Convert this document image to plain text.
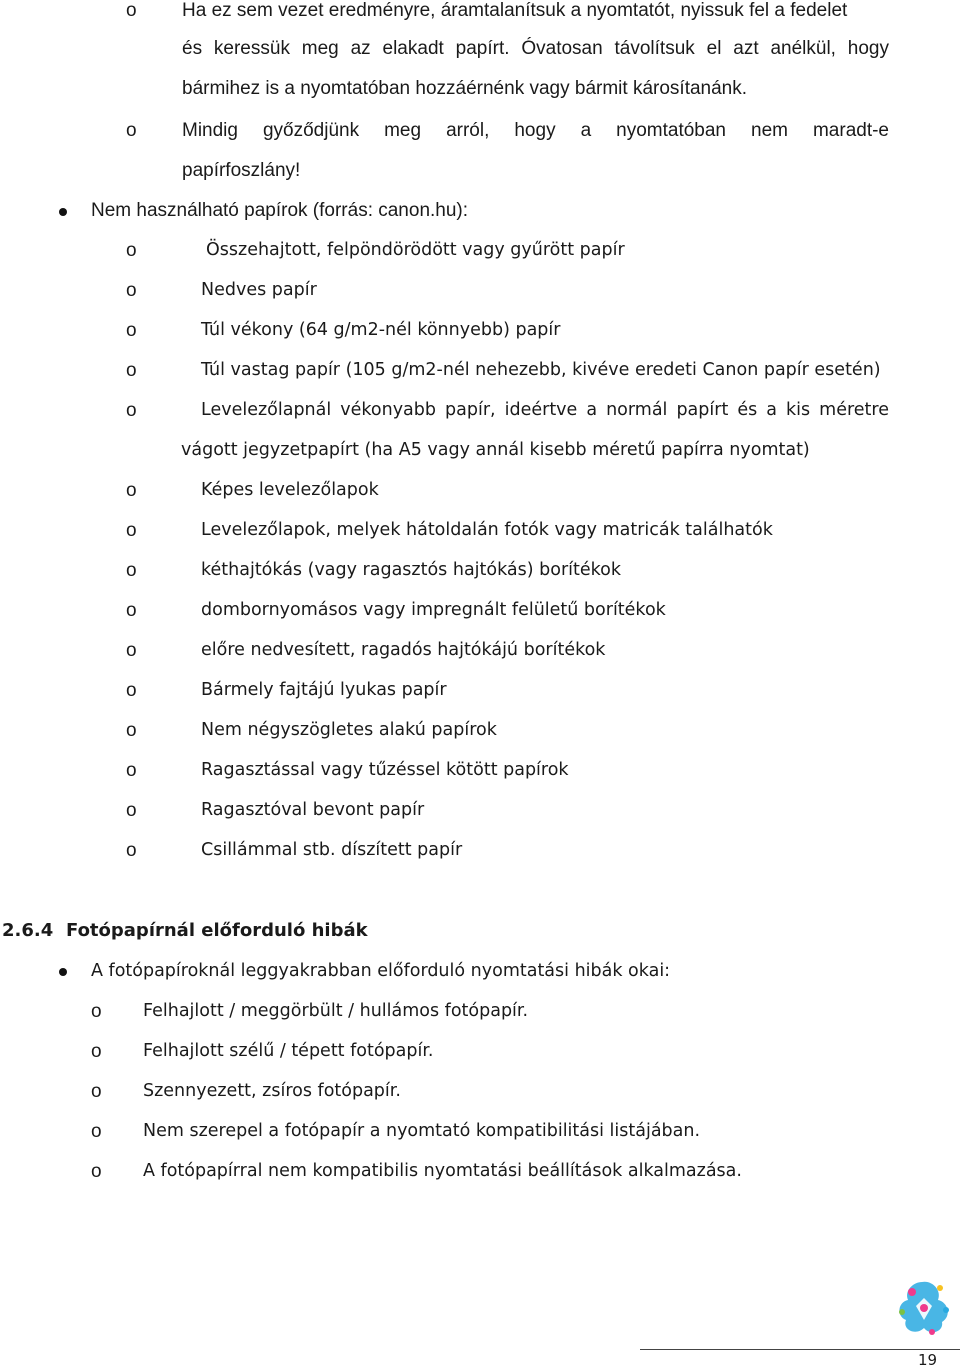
o Ha ez sem vezet eredményre, áramtalanítsuk a nyomtatót, nyissuk fel a fedelet
és keressük meg az elakadt papírt. Óvatosan távolítsuk el azt anélkül, hogy
bármihez is a nyomtatóban hozzáérnénk vagy bármit károsítanánk.
o Mindig győződjünk meg arról, hogy a nyomtatóban nem maradt-e
papírfoszlány!
Nem használható papírok (forrás: canon.hu):
o	Összehajtott, felpöndörödött vagy gyűrött papír
o	Nedves papír
o	Túl vékony (64 g/m2-nél könnyebb) papír
o	Túl vastag papír (105 g/m2-nél nehezebb, kivéve eredeti Canon papír esetén)
o	Levelezőlapnál vékonyabb papír, ideértve a normál papírt és a kis méretre
vágott jegyzetpapírt (ha A5 vagy annál kisebb méretű papírra nyomtat)
o	Képes levelezőlapok
o	Levelezőlapok, melyek hátoldalán fotók vagy matricák találhatók
o	kéthajtókás (vagy ragasztós hajtókás) borítékok
o	dombornyomásos vagy impregnált felületű borítékok
o	előre nedvesített, ragadós hajtókájú borítékok
o	Bármely fajtájú lyukas papír
o	Nem négyszögletes alakú papírok
o	Ragasztással vagy tűzéssel kötött papírok
o	Ragasztóval bevont papír
o	Csillámmal stb. díszített papír
2.6.4 Fotópapírnál előforduló hibák
A fotópapíroknál leggyakrabban előforduló nyomtatási hibák okai:
o Felhajlott / meggörbült / hullámos fotópapír.
o Felhajlott szélű / tépett fotópapír.
o Szennyezett, zsíros fotópapír.
o Nem szerepel a fotópapír a nyomtató kompatibilitási listájában.
o A fotópapírral nem kompatibilis nyomtatási beállítások alkalmazása.
19
